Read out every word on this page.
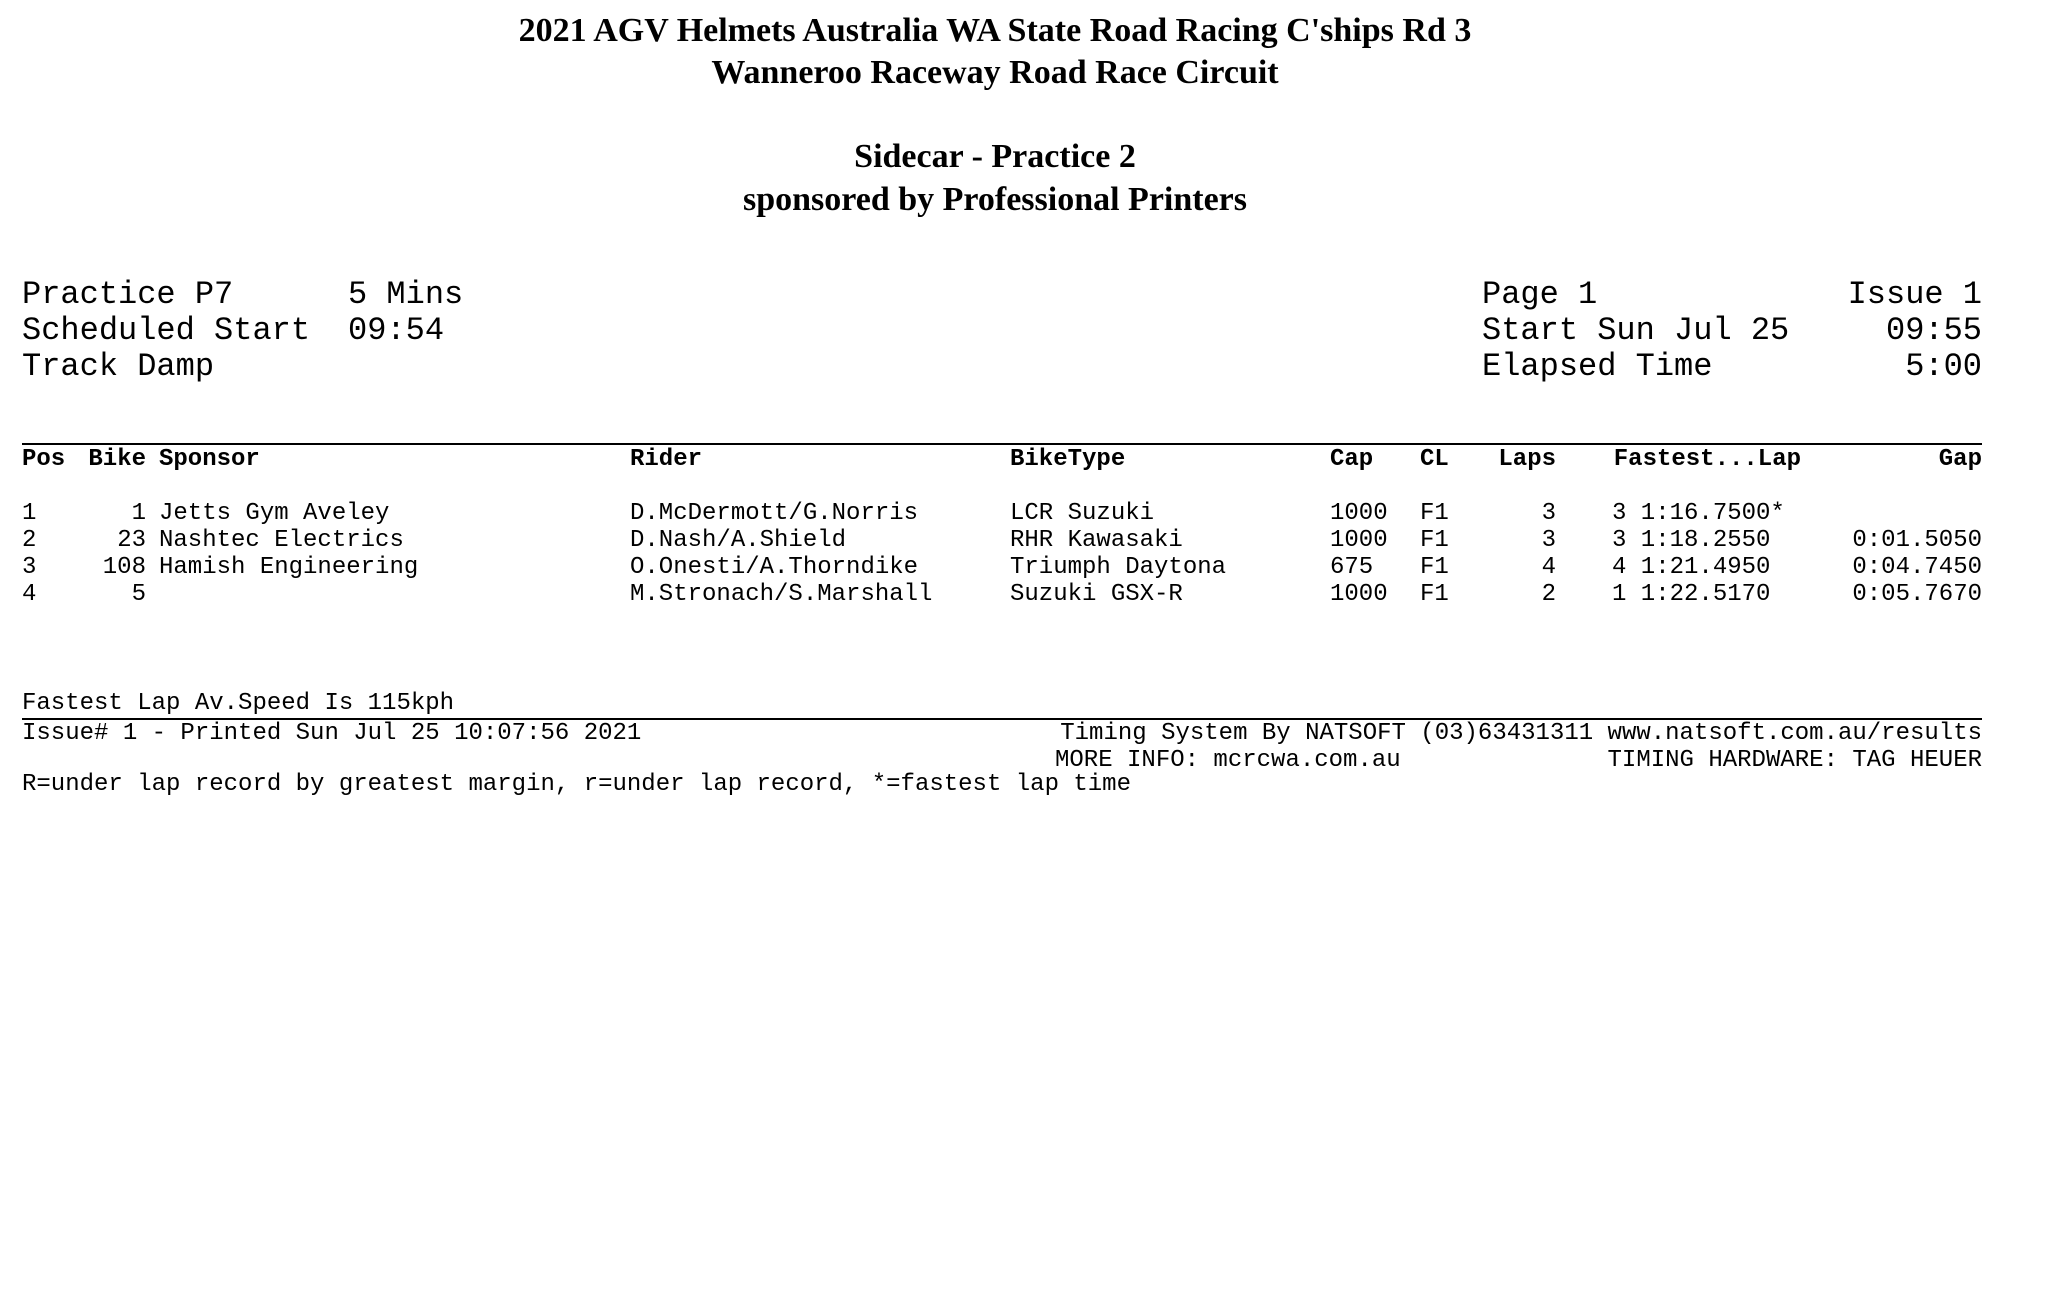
2021 AGV Helmets Australia WA State Road Racing C'ships Rd 3
Wanneroo Raceway Road Race Circuit
Sidecar - Practice 2
sponsored by Professional Printers

Practice P7

	5 Mins

Scheduled Start

09:54

Track Damp

Page 1

	Issue 1

Start Sun Jul 25

	09:55

Elapsed Time

	5:00

Pos Bike Sponsor	Rider	BikeType	Cap CL	Laps	Fastest...Lap	Gap
1	1 Jetts Gym Aveley	D.McDermott/G.Norris	LCR Suzuki	1000 F1	3 3 1:16.7500*
2	23 Nashtec Electrics	D.Nash/A.Shield	RHR Kawasaki	1000 F1	3 3 1:18.2550	0:01.5050
3	108 Hamish Engineering	O.Onesti/A.Thorndike	Triumph Daytona	675 F1	4 4 1:21.4950	0:04.7450
4	5	M.Stronach/S.Marshall	Suzuki GSX-R	1000 F1	2 1 1:22.5170	0:05.7670

Fastest Lap Av.Speed Is 115kph

R=under lap record by greatest margin, r=under lap record, *=fastest lap time

Issue# 1 - Printed Sun Jul 25 10:07:56 2021	Timing System By NATSOFT (03)63431311 www.natsoft.com.au/results
MORE INFO: mcrcwa.com.au	TIMING HARDWARE: TAG HEUER
